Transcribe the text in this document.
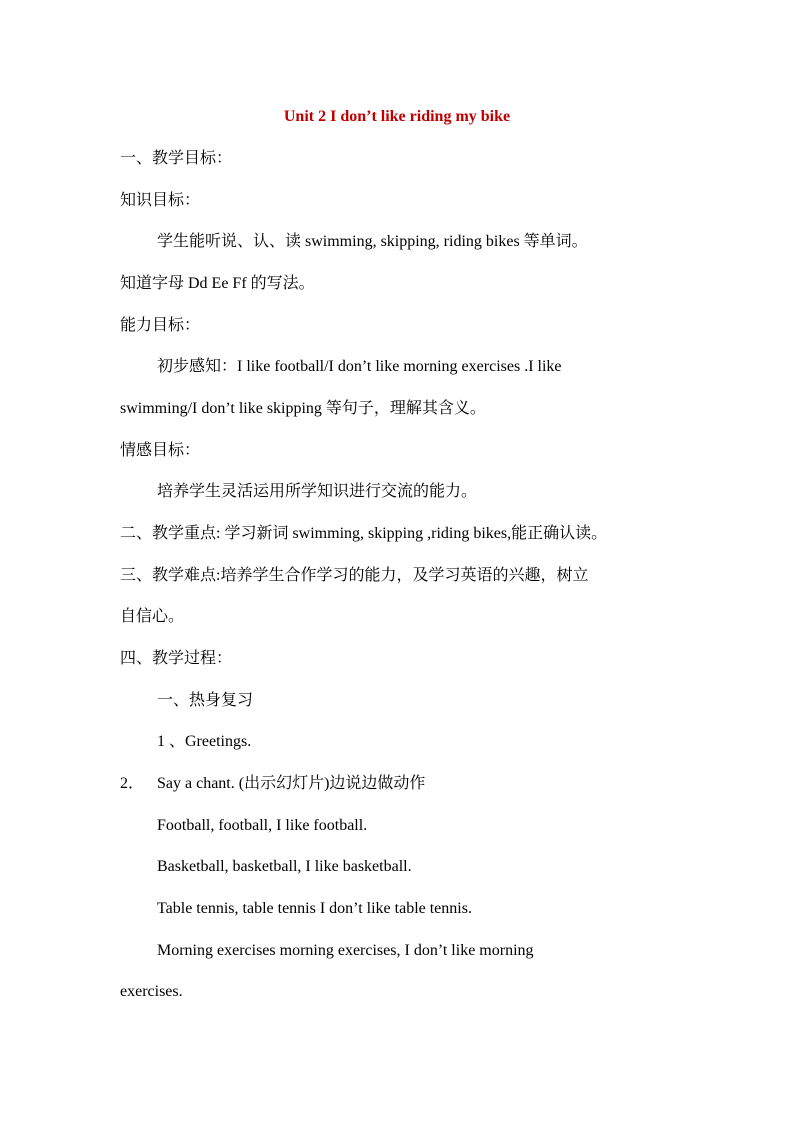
Unit 2 I don’t like riding my bike
一、教学目标：
知识目标：
学生能听说、认、读 swimming, skipping, riding bikes 等单词。
知道字母 Dd Ee Ff 的写法。
能力目标：
初步感知：I like football/I don’t like morning exercises .I like
swimming/I don’t like skipping 等句子，理解其含义。
情感目标：
培养学生灵活运用所学知识进行交流的能力。
二、教学重点: 学习新词 swimming, skipping ,riding bikes,能正确认读。
三、教学难点:培养学生合作学习的能力，及学习英语的兴趣，树立
自信心。
四、教学过程：
一、热身复习
1 、Greetings.
2． Say a chant. (出示幻灯片)边说边做动作
Football, football, I like football.
Basketball, basketball, I like basketball.
Table tennis, table tennis I don’t like table tennis.
Morning exercises morning exercises, I don’t like morning
exercises.
